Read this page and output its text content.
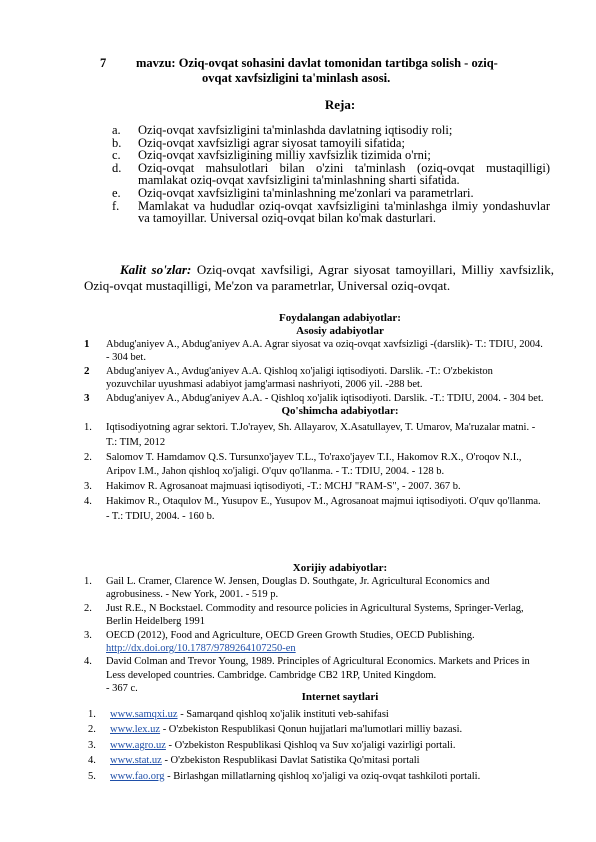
7 mavzu: Oziq-ovqat sohasini davlat tomonidan tartibga solish - oziq-
ovqat xavfsizligini ta'minlash asosi.
Reja:
a. Oziq-ovqat xavfsizligini ta'minlashda davlatning iqtisodiy roli;
b. Oziq-ovqat xavfsizligi agrar siyosat tamoyili sifatida;
c. Oziq-ovqat xavfsizligining milliy xavfsizlik tizimida o'rni;
d. Oziq-ovqat mahsulotlari bilan o'zini ta'minlash (oziq-ovqat mustaqilligi) mamlakat oziq-ovqat xavfsizligini ta'minlashning sharti sifatida.
e. Oziq-ovqat xavfsizligini ta'minlashning me'zonlari va parametrlari.
f. Mamlakat va hududlar oziq-ovqat xavfsizligini ta'minlashga ilmiy yondashuvlar va tamoyillar. Universal oziq-ovqat bilan ko'mak dasturlari.
Kalit so'zlar: Oziq-ovqat xavfsiligi, Agrar siyosat tamoyillari, Milliy xavfsizlik, Oziq-ovqat mustaqilligi, Me'zon va parametrlar, Universal oziq-ovqat.
Foydalangan adabiyotlar:
Asosiy adabiyotlar
1 Abdug'aniyev A., Abdug'aniyev A.A. Agrar siyosat va oziq-ovqat xavfsizligi -(darslik)- T.: TDIU, 2004. - 304 bet.
2 Abdug'aniyev A., Avdug'aniyev A.A. Qishloq xo'jaligi iqtisodiyoti. Darslik. -T.: O'zbekiston yozuvchilar uyushmasi adabiyot jamg'armasi nashriyoti, 2006 yil. -288 bet.
3 Abdug'aniyev A., Abdug'aniyev A.A. - Qishloq xo'jalik iqtisodiyoti. Darslik. -T.: TDIU, 2004. - 304 bet.
Qo'shimcha adabiyotlar:
1. Iqtisodiyotning agrar sektori. T.Jo'rayev, Sh. Allayarov, X.Asatullayev, T. Umarov, Ma'ruzalar matni. -T.: TIM, 2012
2. Salomov T. Hamdamov Q.S. Tursunxo'jayev T.L., To'raxo'jayev T.I., Hakomov R.X., O'roqov N.I., Aripov I.M., Jahon qishloq xo'jaligi. O'quv qo'llanma. - T.: TDIU, 2004. - 128 b.
3. Hakimov R. Agrosanoat majmuasi iqtisodiyoti, -T.: MCHJ "RAM-S", - 2007. 367 b.
4. Hakimov R., Otaqulov M., Yusupov E., Yusupov M., Agrosanoat majmui iqtisodiyoti. O'quv qo'llanma. - T.: TDIU, 2004. - 160 b.
Xorijiy adabiyotlar:
1. Gail L. Cramer, Clarence W. Jensen, Douglas D. Southgate, Jr. Agricultural Economics and agrobusiness. - New York, 2001. - 519 p.
2. Just R.E., N Bockstael. Commodity and resource policies in Agricultural Systems, Springer-Verlag, Berlin Heidelberg 1991
3. OECD (2012), Food and Agriculture, OECD Green Growth Studies, OECD Publishing.
http://dx.doi.org/10.1787/9789264107250-en
4. David Colman and Trevor Young, 1989. Principles of Agricultural Economics. Markets and Prices in Less developed countries. Cambridge. Cambridge CB2 1RP, United Kingdom.
- 367 c.
Internet saytlari
1. www.samqxi.uz - Samarqand qishloq xo'jalik instituti veb-sahifasi
2. www.lex.uz - O'zbekiston Respublikasi Qonun hujjatlari ma'lumotlari milliy bazasi.
3. www.agro.uz - O'zbekiston Respublikasi Qishloq va Suv xo'jaligi vazirligi portali.
4. www.stat.uz - O'zbekiston Respublikasi Davlat Satistika Qo'mitasi portali
5. www.fao.org - Birlashgan millatlarning qishloq xo'jaligi va oziq-ovqat tashkiloti portali.
